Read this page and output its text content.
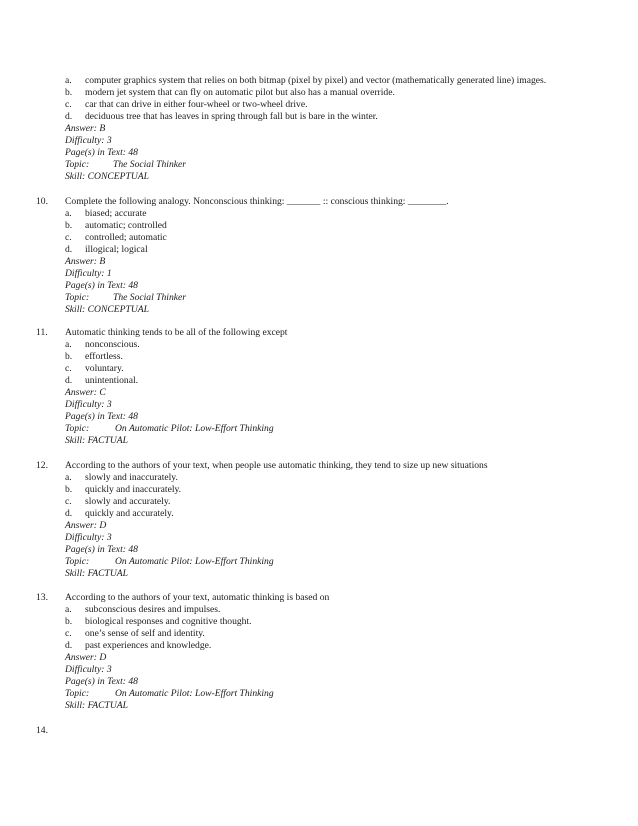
a. computer graphics system that relies on both bitmap (pixel by pixel) and vector (mathematically generated line) images.
b. modern jet system that can fly on automatic pilot but also has a manual override.
c. car that can drive in either four-wheel or two-wheel drive.
d. deciduous tree that has leaves in spring through fall but is bare in the winter.
Answer: B
Difficulty: 3
Page(s) in Text: 48
Topic: The Social Thinker
Skill: CONCEPTUAL
10. Complete the following analogy. Nonconscious thinking: _______ :: conscious thinking: ________.
a. biased; accurate
b. automatic; controlled
c. controlled; automatic
d. illogical; logical
Answer: B
Difficulty: 1
Page(s) in Text: 48
Topic: The Social Thinker
Skill: CONCEPTUAL
11. Automatic thinking tends to be all of the following except
a. nonconscious.
b. effortless.
c. voluntary.
d. unintentional.
Answer: C
Difficulty: 3
Page(s) in Text: 48
Topic:	On Automatic Pilot: Low-Effort Thinking
Skill: FACTUAL
12. According to the authors of your text, when people use automatic thinking, they tend to size up new situations
a. slowly and inaccurately.
b. quickly and inaccurately.
c. slowly and accurately.
d. quickly and accurately.
Answer: D
Difficulty: 3
Page(s) in Text: 48
Topic:	On Automatic Pilot: Low-Effort Thinking
Skill: FACTUAL
13. According to the authors of your text, automatic thinking is based on
a. subconscious desires and impulses.
b. biological responses and cognitive thought.
c. one’s sense of self and identity.
d. past experiences and knowledge.
Answer: D
Difficulty: 3
Page(s) in Text: 48
Topic:	On Automatic Pilot: Low-Effort Thinking
Skill: FACTUAL
14.
